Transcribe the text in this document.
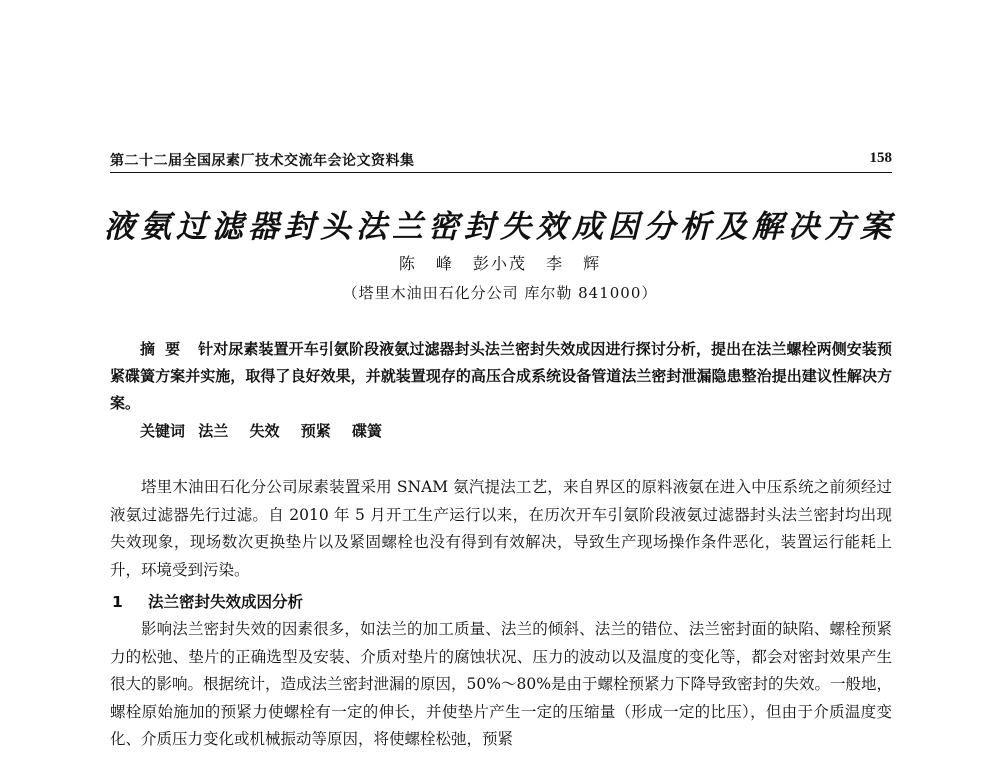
第二十二届全国尿素厂技术交流年会论文资料集	158
液氨过滤器封头法兰密封失效成因分析及解决方案
陈 峰 彭小茂 李 辉
（塔里木油田石化分公司 库尔勒 841000）
摘要 针对尿素装置开车引氨阶段液氨过滤器封头法兰密封失效成因进行探讨分析，提出在法兰螺栓两侧安装预紧碟簧方案并实施，取得了良好效果，并就装置现存的高压合成系统设备管道法兰密封泄漏隐患整治提出建议性解决方案。
关键词 法兰 失效 预紧 碟簧
塔里木油田石化分公司尿素装置采用 SNAM 氨汽提法工艺，来自界区的原料液氨在进入中压系统之前须经过液氨过滤器先行过滤。自 2010 年 5 月开工生产运行以来，在历次开车引氨阶段液氨过滤器封头法兰密封均出现失效现象，现场数次更换垫片以及紧固螺栓也没有得到有效解决，导致生产现场操作条件恶化，装置运行能耗上升，环境受到污染。
1 法兰密封失效成因分析
影响法兰密封失效的因素很多，如法兰的加工质量、法兰的倾斜、法兰的错位、法兰密封面的缺陷、螺栓预紧力的松弛、垫片的正确选型及安装、介质对垫片的腐蚀状况、压力的波动以及温度的变化等，都会对密封效果产生很大的影响。根据统计，造成法兰密封泄漏的原因，50%～80%是由于螺栓预紧力下降导致密封的失效。一般地，螺栓原始施加的预紧力使螺栓有一定的伸长，并使垫片产生一定的压缩量（形成一定的比压），但由于介质温度变化、介质压力变化或机械振动等原因，将使螺栓松弛，预紧
